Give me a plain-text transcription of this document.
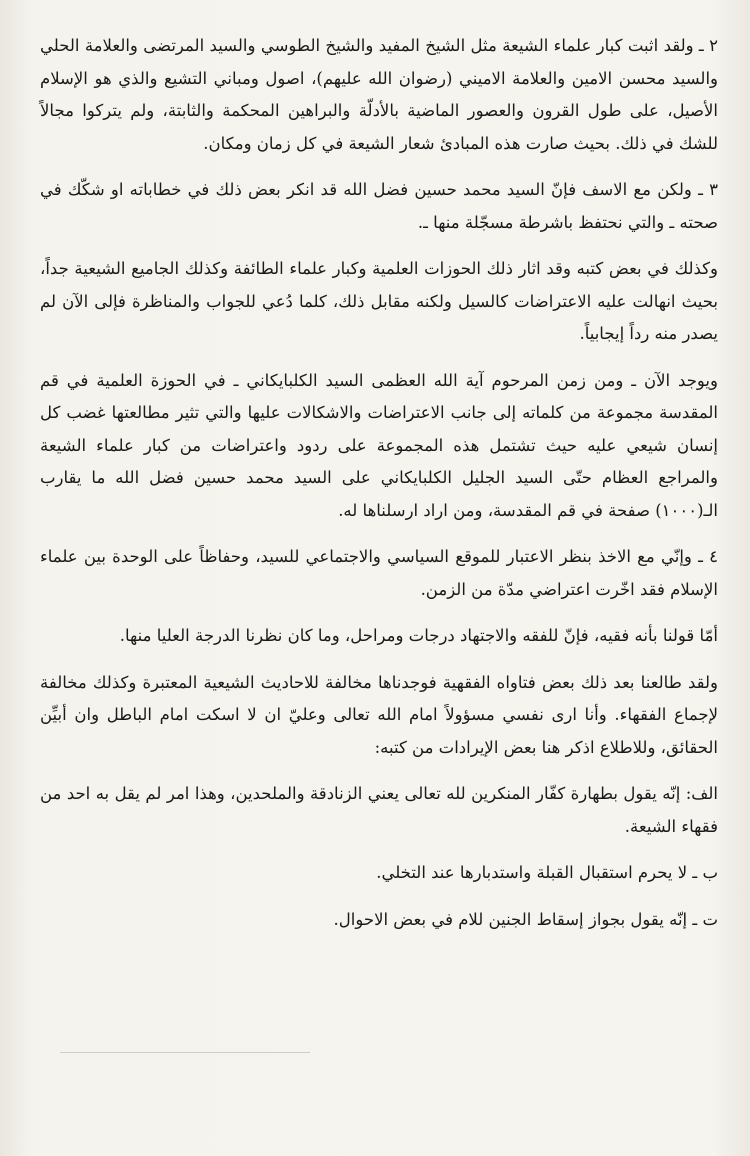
٢ ـ ولقد اثبت كبار علماء الشيعة مثل الشيخ المفيد والشيخ الطوسي والسيد المرتضى والعلامة الحلي والسيد محسن الامين والعلامة الاميني (رضوان الله عليهم)، اصول ومباني التشيع والذي هو الإسلام الأصيل، على طول القرون والعصور الماضية بالأدلّة والبراهين المحكمة والثابتة، ولم يتركوا مجالاً للشك في ذلك. بحيث صارت هذه المبادئ شعار الشيعة في كل زمان ومكان.

٣ ـ ولكن مع الاسف فإنّ السيد محمد حسين فضل الله قد انكر بعض ذلك في خطاباته او شكّك في صحته ـ والتي نحتفظ باشرطة مسجّلة منها ـ.

وكذلك في بعض كتبه وقد اثار ذلك الحوزات العلمية وكبار علماء الطائفة وكذلك الجاميع الشيعية جداً، بحيث انهالت عليه الاعتراضات كالسيل ولكنه مقابل ذلك، كلما دُعي للجواب والمناظرة فإلى الآن لم يصدر منه رداً إيجابياً.

ويوجد الآن ـ ومن زمن المرحوم آية الله العظمى السيد الكلبايكاني ـ في الحوزة العلمية في قم المقدسة مجموعة من كلماته إلى جانب الاعتراضات والاشكالات عليها والتي تثير مطالعتها غضب كل إنسان شيعي عليه حيث تشتمل هذه المجموعة على ردود واعتراضات من كبار علماء الشيعة والمراجع العظام حتّى السيد الجليل الكلبايكاني على السيد محمد حسين فضل الله ما يقارب الـ(١٠٠٠) صفحة في قم المقدسة، ومن اراد ارسلناها له.

٤ ـ وإنّي مع الاخذ بنظر الاعتبار للموقع السياسي والاجتماعي للسيد، وحفاظاً على الوحدة بين علماء الإسلام فقد اخّرت اعتراضي مدّة من الزمن.

أمّا قولنا بأنه فقيه، فإنّ للفقه والاجتهاد درجات ومراحل، وما كان نظرنا الدرجة العليا منها.

ولقد طالعنا بعد ذلك بعض فتاواه الفقهية فوجدناها مخالفة للاحاديث الشيعية المعتبرة وكذلك مخالفة لإجماع الفقهاء. وأنا ارى نفسي مسؤولاً امام الله تعالى وعليّ ان لا اسكت امام الباطل وان أبيِّن الحقائق، وللاطلاع اذكر هنا بعض الإيرادات من كتبه:

الف: إنّه يقول بطهارة كفّار المنكرين لله تعالى يعني الزنادقة والملحدين، وهذا امر لم يقل به احد من فقهاء الشيعة.

ب ـ لا يحرم استقبال القبلة واستدبارها عند التخلي.

ت ـ إنّه يقول بجواز إسقاط الجنين للام في بعض الاحوال.
